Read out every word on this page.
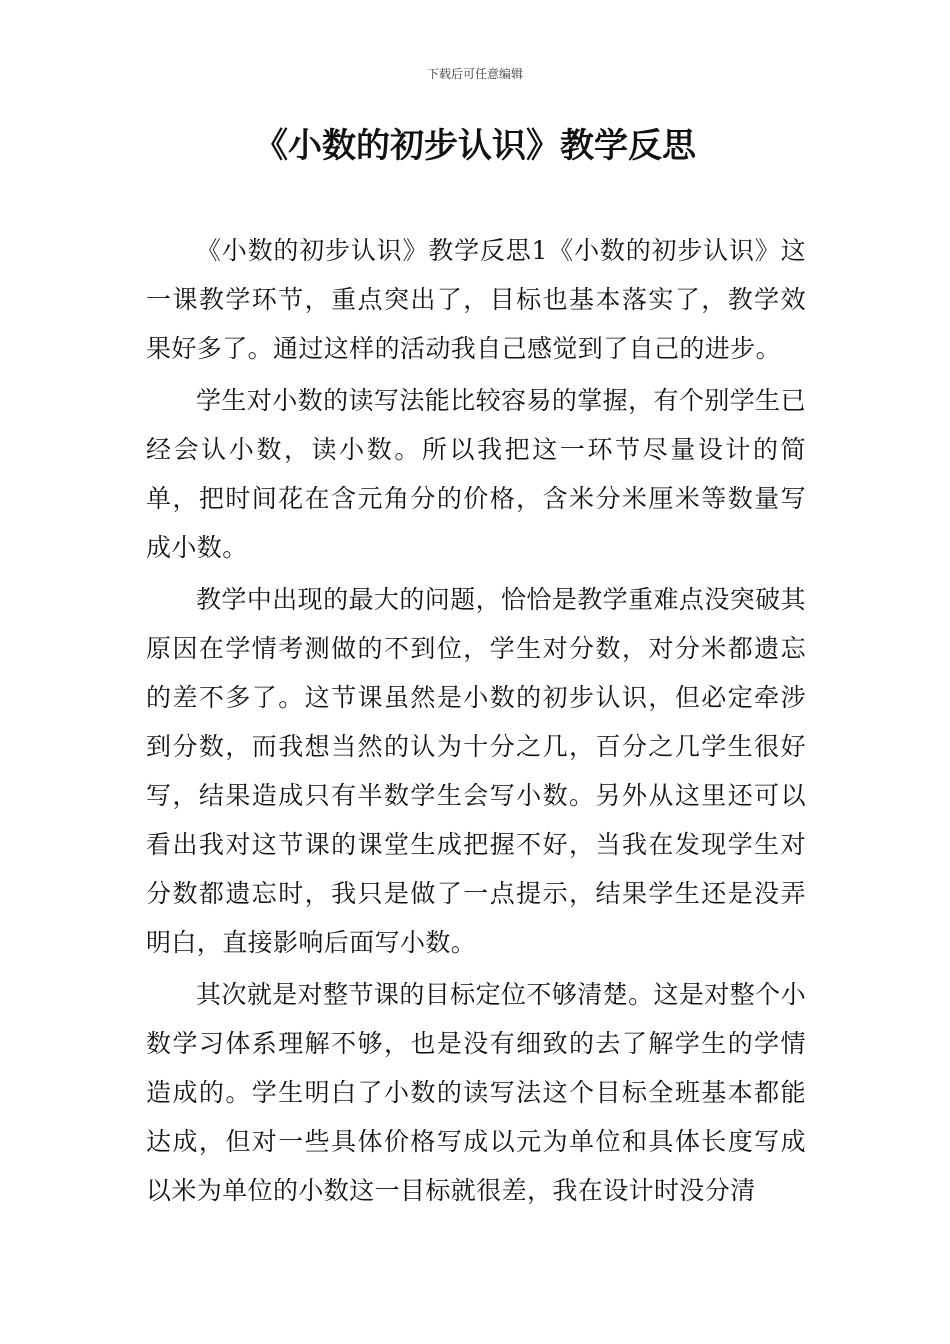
下载后可任意编辑
《小数的初步认识》教学反思

《小数的初步认识》教学反思1《小数的初步认识》这一课教学环节，重点突出了，目标也基本落实了，教学效果好多了。通过这样的活动我自己感觉到了自己的进步。

学生对小数的读写法能比较容易的掌握，有个别学生已经会认小数，读小数。所以我把这一环节尽量设计的简单，把时间花在含元角分的价格，含米分米厘米等数量写成小数。

教学中出现的最大的问题，恰恰是教学重难点没突破其原因在学情考测做的不到位，学生对分数，对分米都遗忘的差不多了。这节课虽然是小数的初步认识，但必定牵涉到分数，而我想当然的认为十分之几，百分之几学生很好写，结果造成只有半数学生会写小数。另外从这里还可以看出我对这节课的课堂生成把握不好，当我在发现学生对分数都遗忘时，我只是做了一点提示，结果学生还是没弄明白，直接影响后面写小数。

其次就是对整节课的目标定位不够清楚。这是对整个小数学习体系理解不够，也是没有细致的去了解学生的学情造成的。学生明白了小数的读写法这个目标全班基本都能达成，但对一些具体价格写成以元为单位和具体长度写成以米为单位的小数这一目标就很差，我在设计时没分清
